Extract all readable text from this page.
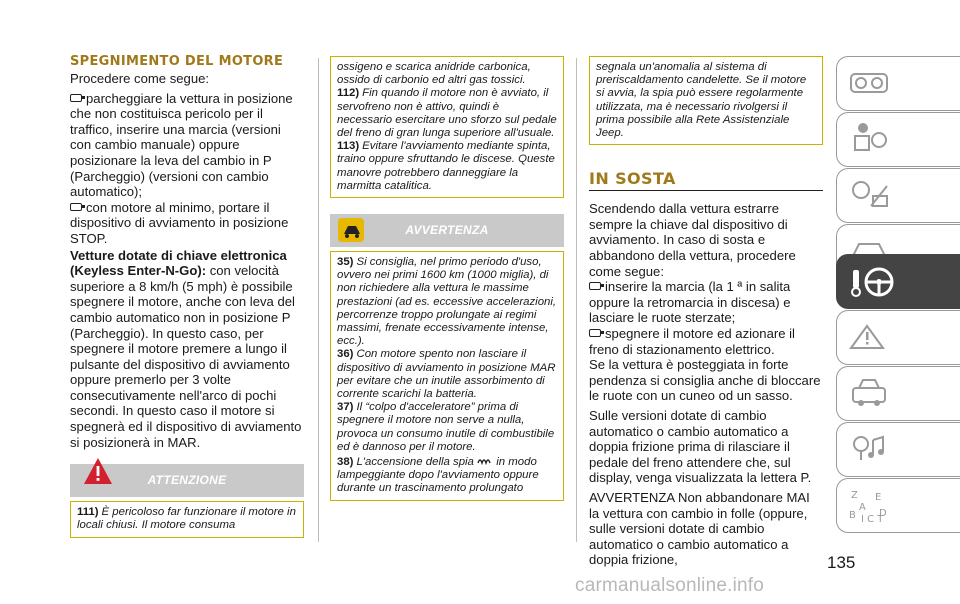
SPEGNIMENTO DEL MOTORE

Procedere come segue:

parcheggiare la vettura in posizione che non costituisca pericolo per il traffico, inserire una marcia (versioni con cambio manuale) oppure posizionare la leva del cambio in P (Parcheggio) (versioni con cambio automatico);

con motore al minimo, portare il dispositivo di avviamento in posizione STOP.

Vetture dotate di chiave elettronica (Keyless Enter-N-Go): con velocità superiore a 8 km/h (5 mph) è possibile spegnere il motore, anche con leva del cambio automatico non in posizione P (Parcheggio). In questo caso, per spegnere il motore premere a lungo il pulsante del dispositivo di avviamento oppure premerlo per 3 volte consecutivamente nell'arco di pochi secondi. In questo caso il motore si spegnerà ed il dispositivo di avviamento si posizionerà in MAR.

ATTENZIONE

111) È pericoloso far funzionare il motore in locali chiusi. Il motore consuma

ossigeno e scarica anidride carbonica, ossido di carbonio ed altri gas tossici.

112) Fin quando il motore non è avviato, il servofreno non è attivo, quindi è necessario esercitare uno sforzo sul pedale del freno di gran lunga superiore all'usuale.

113) Evitare l'avviamento mediante spinta, traino oppure sfruttando le discese. Queste manovre potrebbero danneggiare la marmitta catalitica.

AVVERTENZA

35) Si consiglia, nel primo periodo d'uso, ovvero nei primi 1600 km (1000 miglia), di non richiedere alla vettura le massime prestazioni (ad es. eccessive accelerazioni, percorrenze troppo prolungate ai regimi massimi, frenate eccessivamente intense, ecc.).

36) Con motore spento non lasciare il dispositivo di avviamento in posizione MAR per evitare che un inutile assorbimento di corrente scarichi la batteria.

37) Il “colpo d'acceleratore” prima di spegnere il motore non serve a nulla, provoca un consumo inutile di combustibile ed è dannoso per il motore.

38) L'accensione della spia in modo lampeggiante dopo l'avviamento oppure durante un trascinamento prolungato

segnala un'anomalia al sistema di preriscaldamento candelette. Se il motore si avvia, la spia può essere regolarmente utilizzata, ma è necessario rivolgersi il prima possibile alla Rete Assistenziale Jeep.

IN SOSTA

Scendendo dalla vettura estrarre sempre la chiave dal dispositivo di avviamento. In caso di sosta e abbandono della vettura, procedere come segue:

inserire la marcia (la 1 ª in salita oppure la retromarcia in discesa) e lasciare le ruote sterzate;

spegnere il motore ed azionare il freno di stazionamento elettrico.

Se la vettura è posteggiata in forte pendenza si consiglia anche di bloccare le ruote con un cuneo od un sasso.

Sulle versioni dotate di cambio automatico o cambio automatico a doppia frizione prima di rilasciare il pedale del freno attendere che, sul display, venga visualizzata la lettera P.

AVVERTENZA Non abbandonare MAI la vettura con cambio in folle (oppure, sulle versioni dotate di cambio automatico o cambio automatico a doppia frizione,

Z E
A
B I C T
D
135
carmanualsonline.info
